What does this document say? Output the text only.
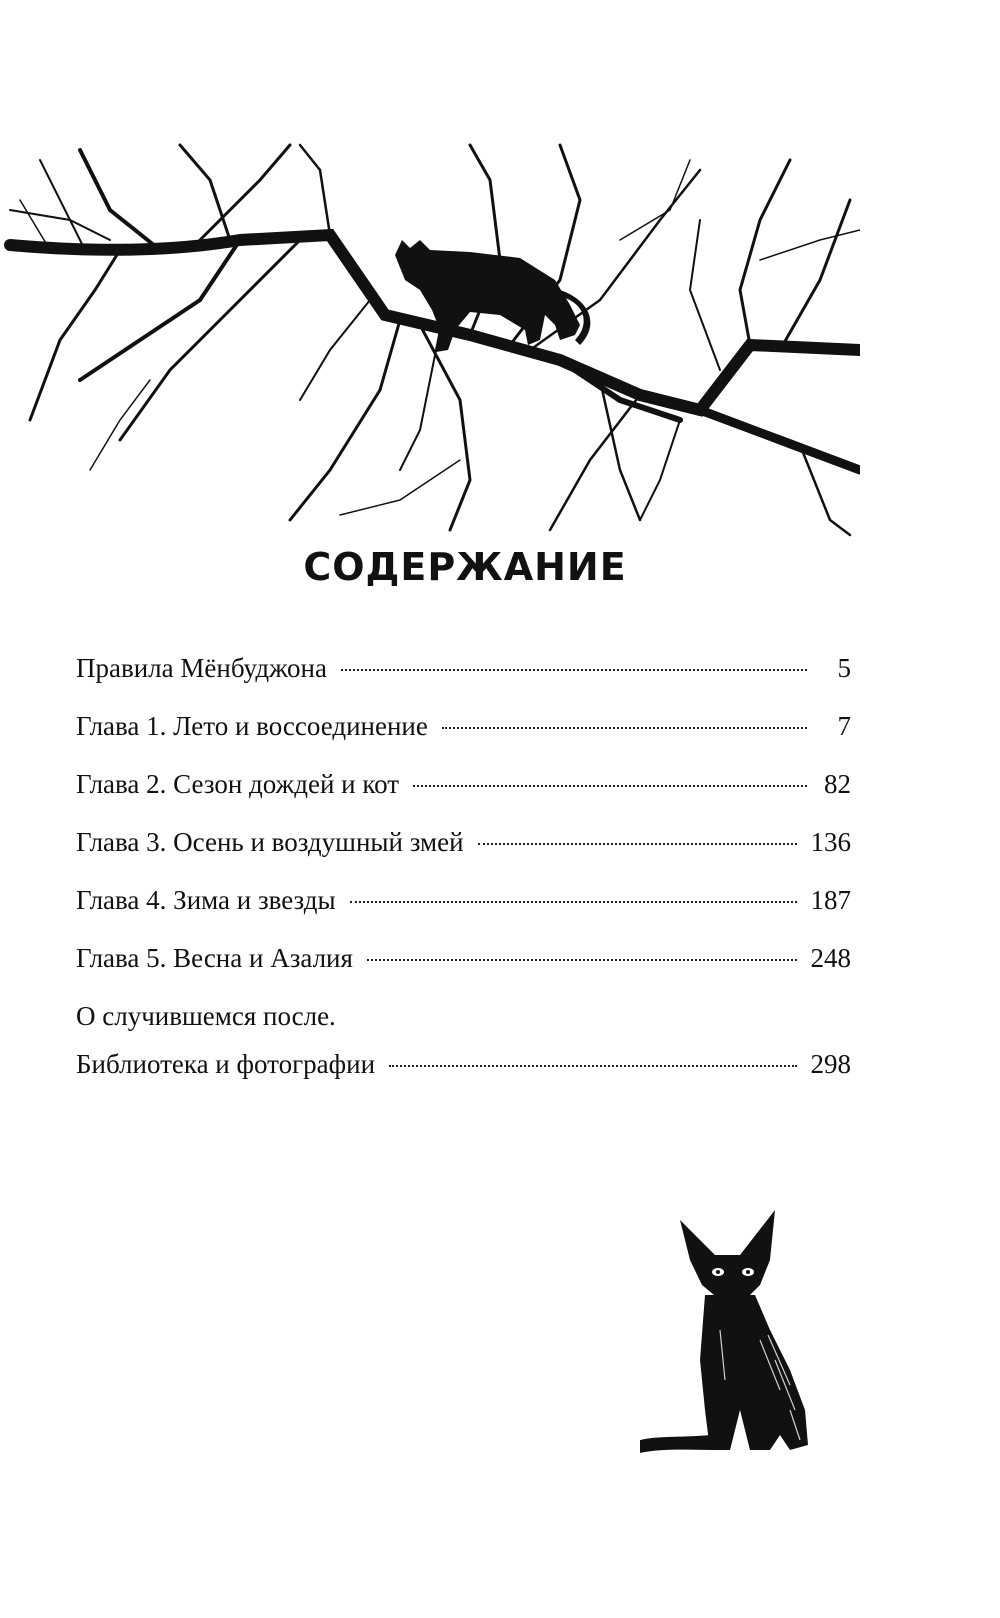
СОДЕРЖАНИЕ
Правила Мёнбуджона	5
Глава 1. Лето и воссоединение	7
Глава 2. Сезон дождей и кот	82
Глава 3. Осень и воздушный змей	136
Глава 4. Зима и звезды	187
Глава 5. Весна и Азалия	248
О случившемся после.
Библиотека и фотографии	298
